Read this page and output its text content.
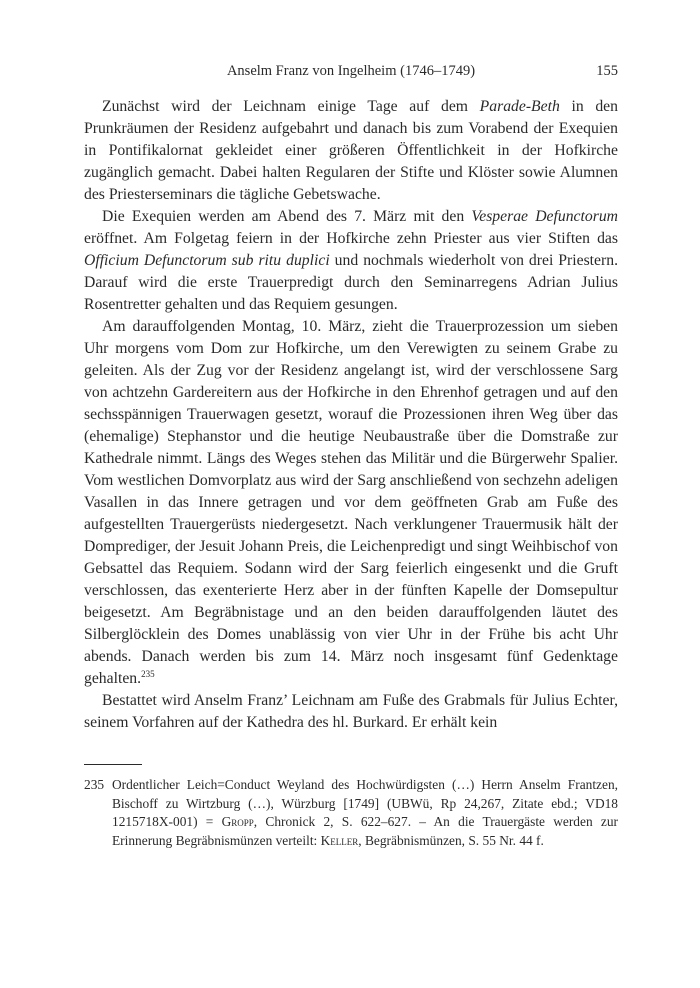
Anselm Franz von Ingelheim (1746–1749)	155

Zunächst wird der Leichnam einige Tage auf dem Parade-Beth in den Prunkräumen der Residenz aufgebahrt und danach bis zum Vorabend der Exequien in Pontifikalornat gekleidet einer größeren Öffentlichkeit in der Hofkirche zugänglich gemacht. Dabei halten Regularen der Stifte und Klöster sowie Alumnen des Priesterseminars die tägliche Gebetswache.

Die Exequien werden am Abend des 7. März mit den Vesperae Defunctorum eröffnet. Am Folgetag feiern in der Hofkirche zehn Priester aus vier Stiften das Officium Defunctorum sub ritu duplici und nochmals wiederholt von drei Priestern. Darauf wird die erste Trauerpredigt durch den Seminarregens Adrian Julius Rosentretter gehalten und das Requiem gesungen.

Am darauffolgenden Montag, 10. März, zieht die Trauerprozession um sieben Uhr morgens vom Dom zur Hofkirche, um den Verewigten zu seinem Grabe zu geleiten. Als der Zug vor der Residenz angelangt ist, wird der verschlossene Sarg von achtzehn Gardereitern aus der Hofkirche in den Ehrenhof getragen und auf den sechsspännigen Trauerwagen gesetzt, worauf die Prozessionen ihren Weg über das (ehemalige) Stephanstor und die heutige Neubaustraße über die Domstraße zur Kathedrale nimmt. Längs des Weges stehen das Militär und die Bürgerwehr Spalier. Vom westlichen Domvorplatz aus wird der Sarg anschließend von sechzehn adeligen Vasallen in das Innere getragen und vor dem geöffneten Grab am Fuße des aufgestellten Trauergerüsts niedergesetzt. Nach verklungener Trauermusik hält der Domprediger, der Jesuit Johann Preis, die Leichenpredigt und singt Weihbischof von Gebsattel das Requiem. Sodann wird der Sarg feierlich eingesenkt und die Gruft verschlossen, das exenterierte Herz aber in der fünften Kapelle der Domsepultur beigesetzt. Am Begräbnistage und an den beiden darauffolgenden läutet des Silberglöcklein des Domes unablässig von vier Uhr in der Frühe bis acht Uhr abends. Danach werden bis zum 14. März noch insgesamt fünf Gedenktage gehalten.$^{235}$

Bestattet wird Anselm Franz’ Leichnam am Fuße des Grabmals für Julius Echter, seinem Vorfahren auf der Kathedra des hl. Burkard. Er erhält kein

235 Ordentlicher Leich=Conduct Weyland des Hochwürdigsten (…) Herrn Anselm Frantzen, Bischoff zu Wirtzburg (…), Würzburg [1749] (UBWü, Rp 24,267, Zitate ebd.; VD18 1215718X-001) = Gropp, Chronick 2, S. 622–627. – An die Trauergäste werden zur Erinnerung Begräbnismünzen verteilt: Keller, Begräbnismünzen, S. 55 Nr. 44 f.
